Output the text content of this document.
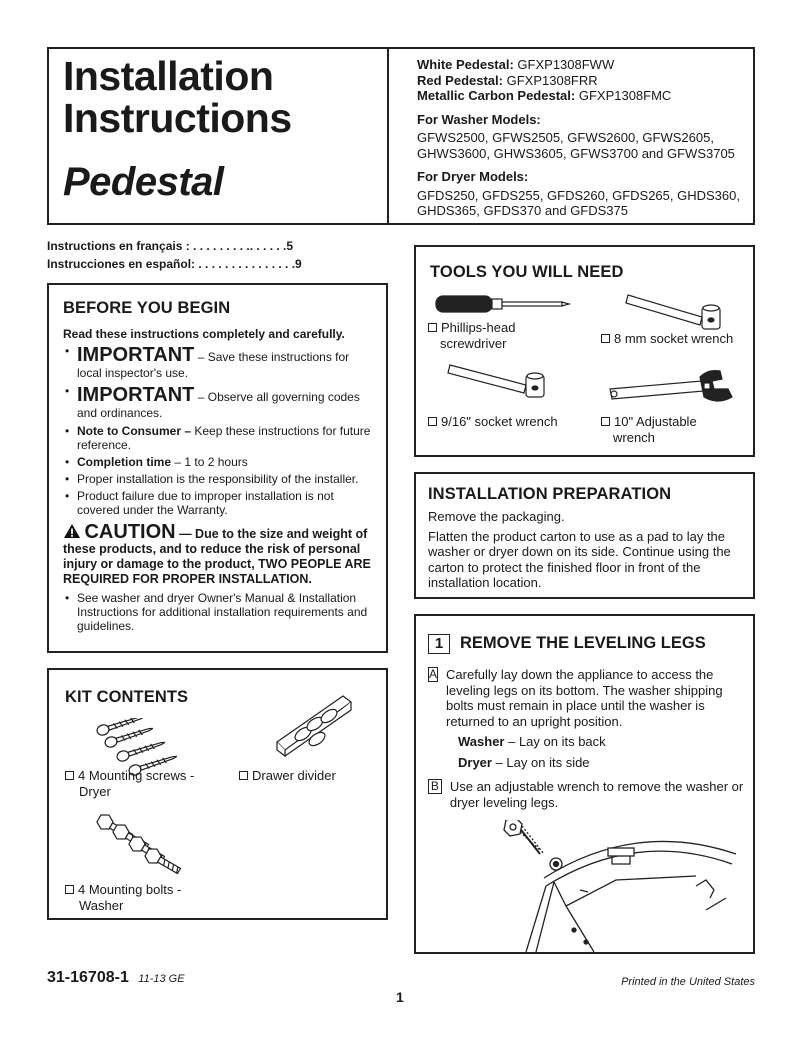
Installation
Instructions
Pedestal
White Pedestal: GFXP1308FWW
Red Pedestal: GFXP1308FRR
Metallic Carbon Pedestal: GFXP1308FMC
For Washer Models:
GFWS2500, GFWS2505, GFWS2600, GFWS2605,
GHWS3600, GHWS3605, GFWS3700 and GFWS3705
For Dryer Models:
GFDS250, GFDS255, GFDS260, GFDS265, GHDS360,
GHDS365, GFDS370 and GFDS375
Instructions en français : . . . . . . . . .. . . . . .5
Instrucciones en español: . . . . . . . . . . . . . . .9
BEFORE YOU BEGIN
Read these instructions completely and carefully.
• IMPORTANT – Save these instructions for local inspector's use.
• IMPORTANT – Observe all governing codes and ordinances.
• Note to Consumer – Keep these instructions for future reference.
• Completion time – 1 to 2 hours
• Proper installation is the responsibility of the installer.
• Product failure due to improper installation is not covered under the Warranty.
CAUTION — Due to the size and weight of these products, and to reduce the risk of personal injury or damage to the product, TWO PEOPLE ARE REQUIRED FOR PROPER INSTALLATION.
• See washer and dryer Owner's Manual & Installation Instructions for additional installation requirements and guidelines.
KIT CONTENTS
4 Mounting screws -
Dryer
Drawer divider
4 Mounting bolts -
Washer
TOOLS YOU WILL NEED
Phillips-head
screwdriver	8 mm socket wrench
9/16" socket wrench	10" Adjustable
wrench
INSTALLATION PREPARATION
Remove the packaging.
Flatten the product carton to use as a pad to lay the washer or dryer down on its side. Continue using the carton to protect the finished floor in front of the installation location.
1 REMOVE THE LEVELING LEGS
A Carefully lay down the appliance to access the leveling legs on its bottom. The washer shipping bolts must remain in place until the washer is returned to an upright position.
Washer – Lay on its back
Dryer – Lay on its side
B Use an adjustable wrench to remove the washer or dryer leveling legs.
31-16708-1 11-13 GE	Printed in the United States
1
